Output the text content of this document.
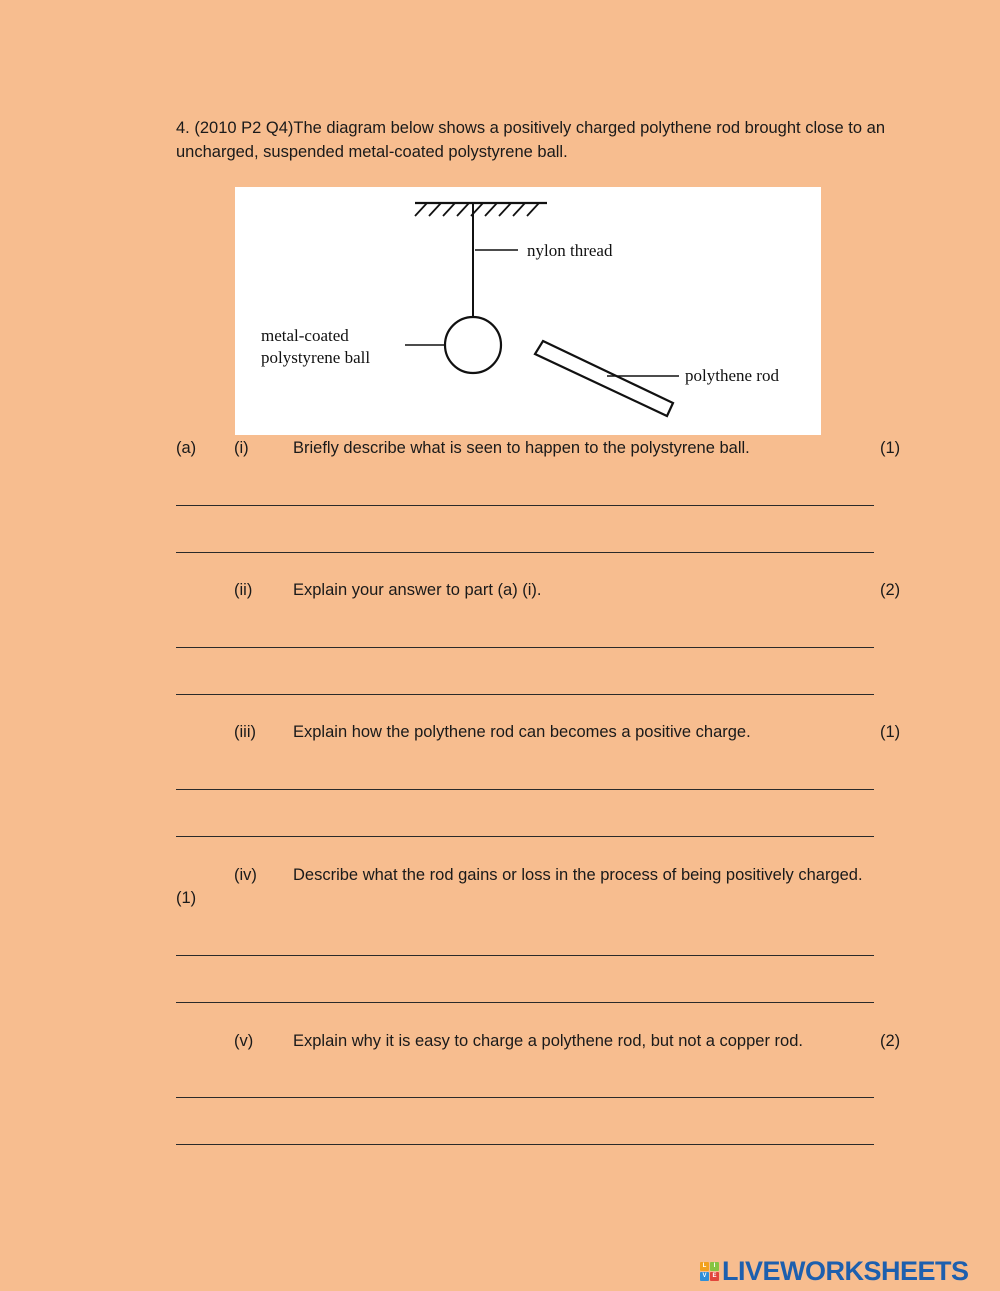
4. (2010 P2 Q4)The diagram below shows a positively charged polythene rod brought close to an uncharged, suspended metal-coated polystyrene ball.
nylon thread
metal-coated
polystyrene ball
polythene rod
(a) (i)	Briefly describe what is seen to happen to the polystyrene ball.	(1)
(ii) Explain your answer to part (a) (i).	(2)
(iii) Explain how the polythene rod can becomes a positive charge.	(1)
(iv) Describe what the rod gains or loss in the process of being positively charged.
(1)
(v) Explain why it is easy to charge a polythene rod, but not a copper rod.	(2)
L	I
V E LIVEWORKSHEETS
